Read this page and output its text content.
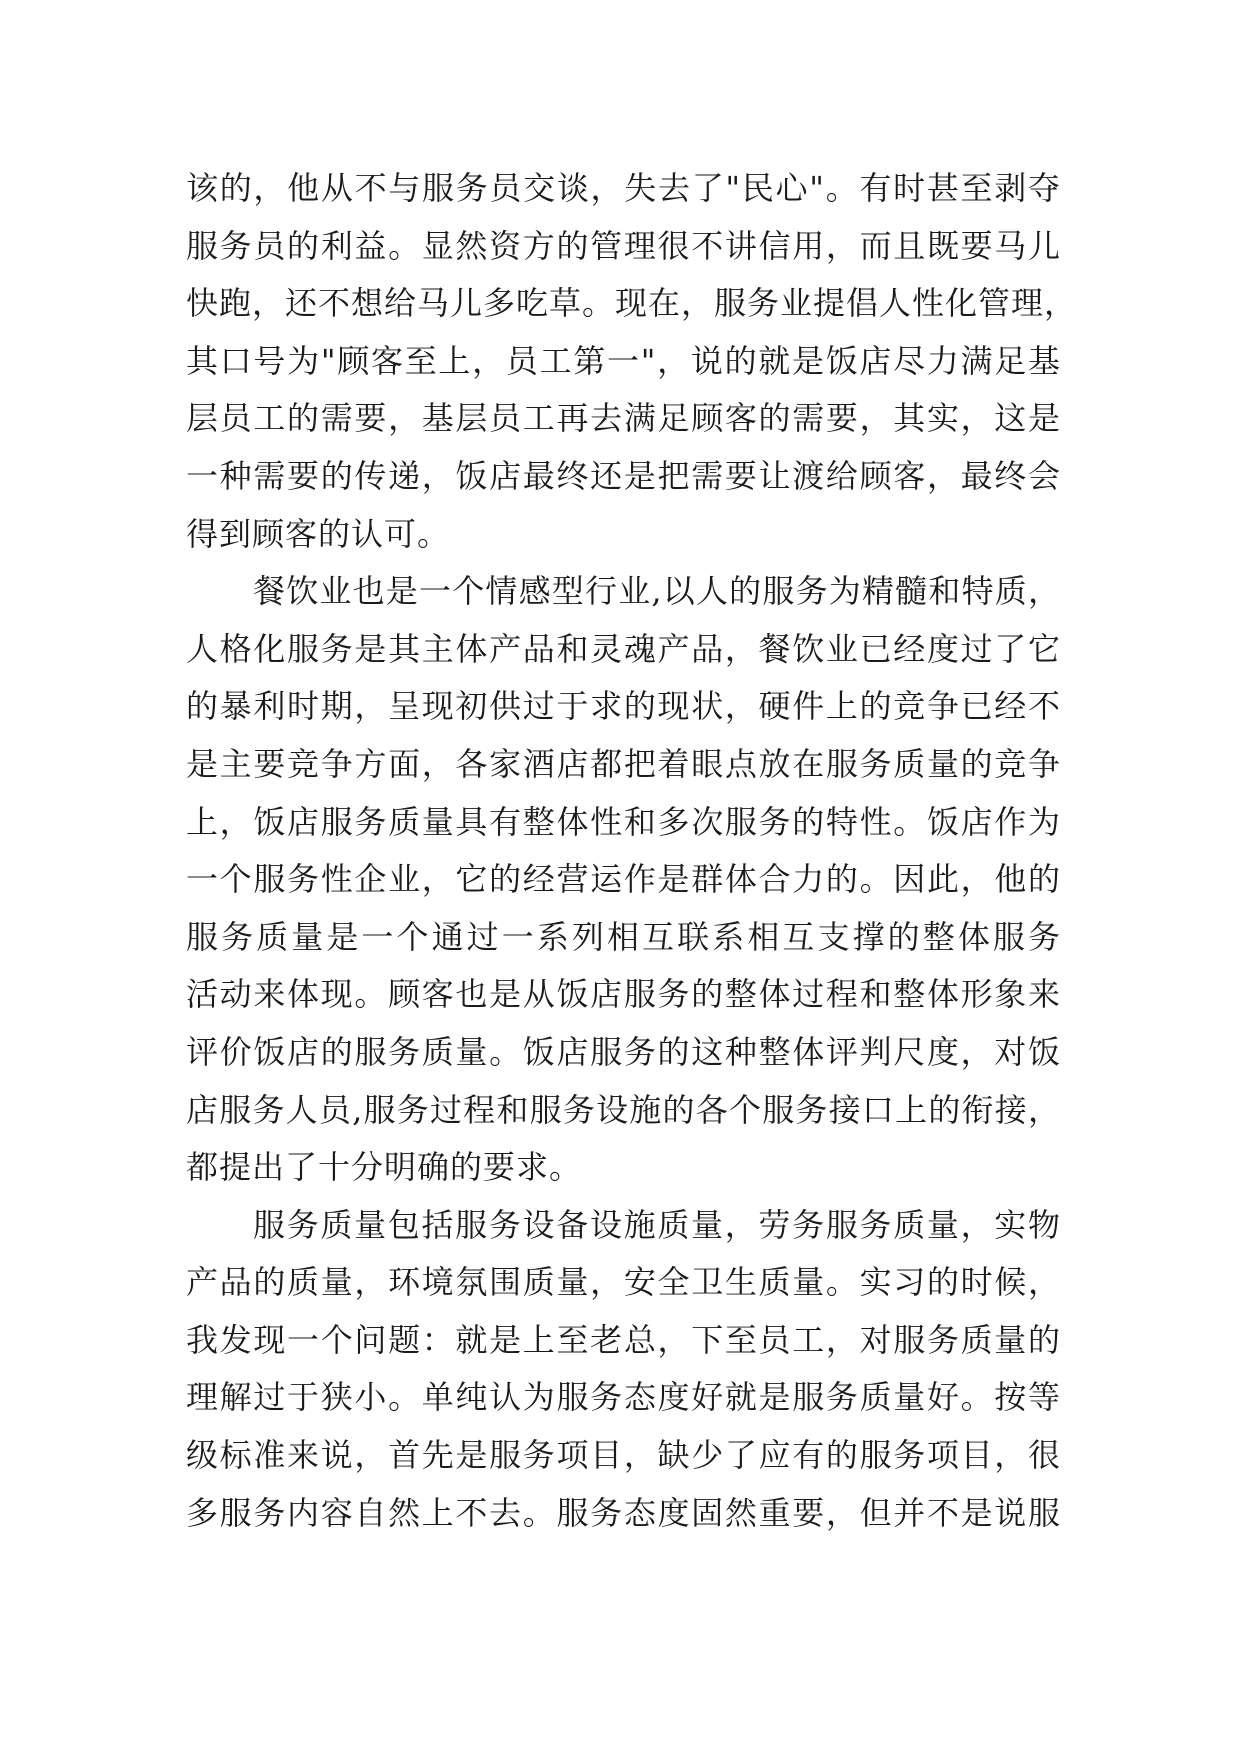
该的，他从不与服务员交谈，失去了"民心"。有时甚至剥夺
服务员的利益。显然资方的管理很不讲信用，而且既要马儿
快跑，还不想给马儿多吃草。现在，服务业提倡人性化管理，
其口号为"顾客至上，员工第一"，说的就是饭店尽力满足基
层员工的需要，基层员工再去满足顾客的需要，其实，这是
一种需要的传递，饭店最终还是把需要让渡给顾客，最终会
得到顾客的认可。
餐饮业也是一个情感型行业,以人的服务为精髓和特质，
人格化服务是其主体产品和灵魂产品，餐饮业已经度过了它
的暴利时期，呈现初供过于求的现状，硬件上的竞争已经不
是主要竞争方面，各家酒店都把着眼点放在服务质量的竞争
上，饭店服务质量具有整体性和多次服务的特性。饭店作为
一个服务性企业，它的经营运作是群体合力的。因此，他的
服务质量是一个通过一系列相互联系相互支撑的整体服务
活动来体现。顾客也是从饭店服务的整体过程和整体形象来
评价饭店的服务质量。饭店服务的这种整体评判尺度，对饭
店服务人员,服务过程和服务设施的各个服务接口上的衔接，
都提出了十分明确的要求。
服务质量包括服务设备设施质量，劳务服务质量，实物
产品的质量，环境氛围质量，安全卫生质量。实习的时候，
我发现一个问题：就是上至老总，下至员工，对服务质量的
理解过于狭小。单纯认为服务态度好就是服务质量好。按等
级标准来说，首先是服务项目，缺少了应有的服务项目，很
多服务内容自然上不去。服务态度固然重要，但并不是说服
